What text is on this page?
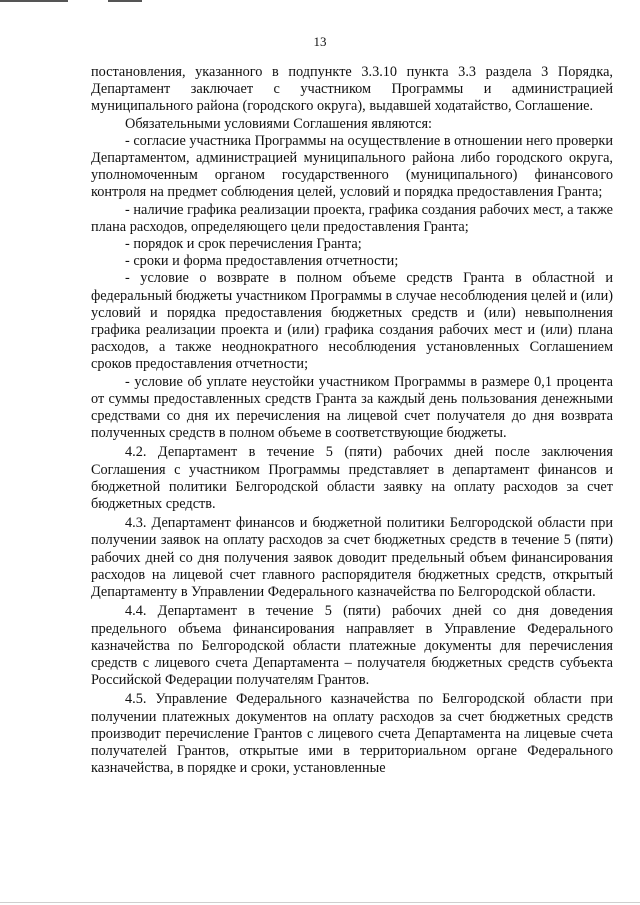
13

постановления, указанного в подпункте 3.3.10 пункта 3.3 раздела 3 Порядка, Департамент заключает с участником Программы и администрацией муниципального района (городского округа), выдавшей ходатайство, Соглашение.

Обязательными условиями Соглашения являются:

- согласие участника Программы на осуществление в отношении него проверки Департаментом, администрацией муниципального района либо городского округа, уполномоченным органом государственного (муниципального) финансового контроля на предмет соблюдения целей, условий и порядка предоставления Гранта;

- наличие графика реализации проекта, графика создания рабочих мест, а также плана расходов, определяющего цели предоставления Гранта;

- порядок и срок перечисления Гранта;

- сроки и форма предоставления отчетности;

- условие о возврате в полном объеме средств Гранта в областной и федеральный бюджеты участником Программы в случае несоблюдения целей и (или) условий и порядка предоставления бюджетных средств и (или) невыполнения графика реализации проекта и (или) графика создания рабочих мест и (или) плана расходов, а также неоднократного несоблюдения установленных Соглашением сроков предоставления отчетности;

- условие об уплате неустойки участником Программы в размере 0,1 процента от суммы предоставленных средств Гранта за каждый день пользования денежными средствами со дня их перечисления на лицевой счет получателя до дня возврата полученных средств в полном объеме в соответствующие бюджеты.

4.2. Департамент в течение 5 (пяти) рабочих дней после заключения Соглашения с участником Программы представляет в департамент финансов и бюджетной политики Белгородской области заявку на оплату расходов за счет бюджетных средств.

4.3. Департамент финансов и бюджетной политики Белгородской области при получении заявок на оплату расходов за счет бюджетных средств в течение 5 (пяти) рабочих дней со дня получения заявок доводит предельный объем финансирования расходов на лицевой счет главного распорядителя бюджетных средств, открытый Департаменту в Управлении Федерального казначейства по Белгородской области.

4.4. Департамент в течение 5 (пяти) рабочих дней со дня доведения предельного объема финансирования направляет в Управление Федерального казначейства по Белгородской области платежные документы для перечисления средств с лицевого счета Департамента – получателя бюджетных средств субъекта Российской Федерации получателям Грантов.

4.5. Управление Федерального казначейства по Белгородской области при получении платежных документов на оплату расходов за счет бюджетных средств производит перечисление Грантов с лицевого счета Департамента на лицевые счета получателей Грантов, открытые ими в территориальном органе Федерального казначейства, в порядке и сроки, установленные
